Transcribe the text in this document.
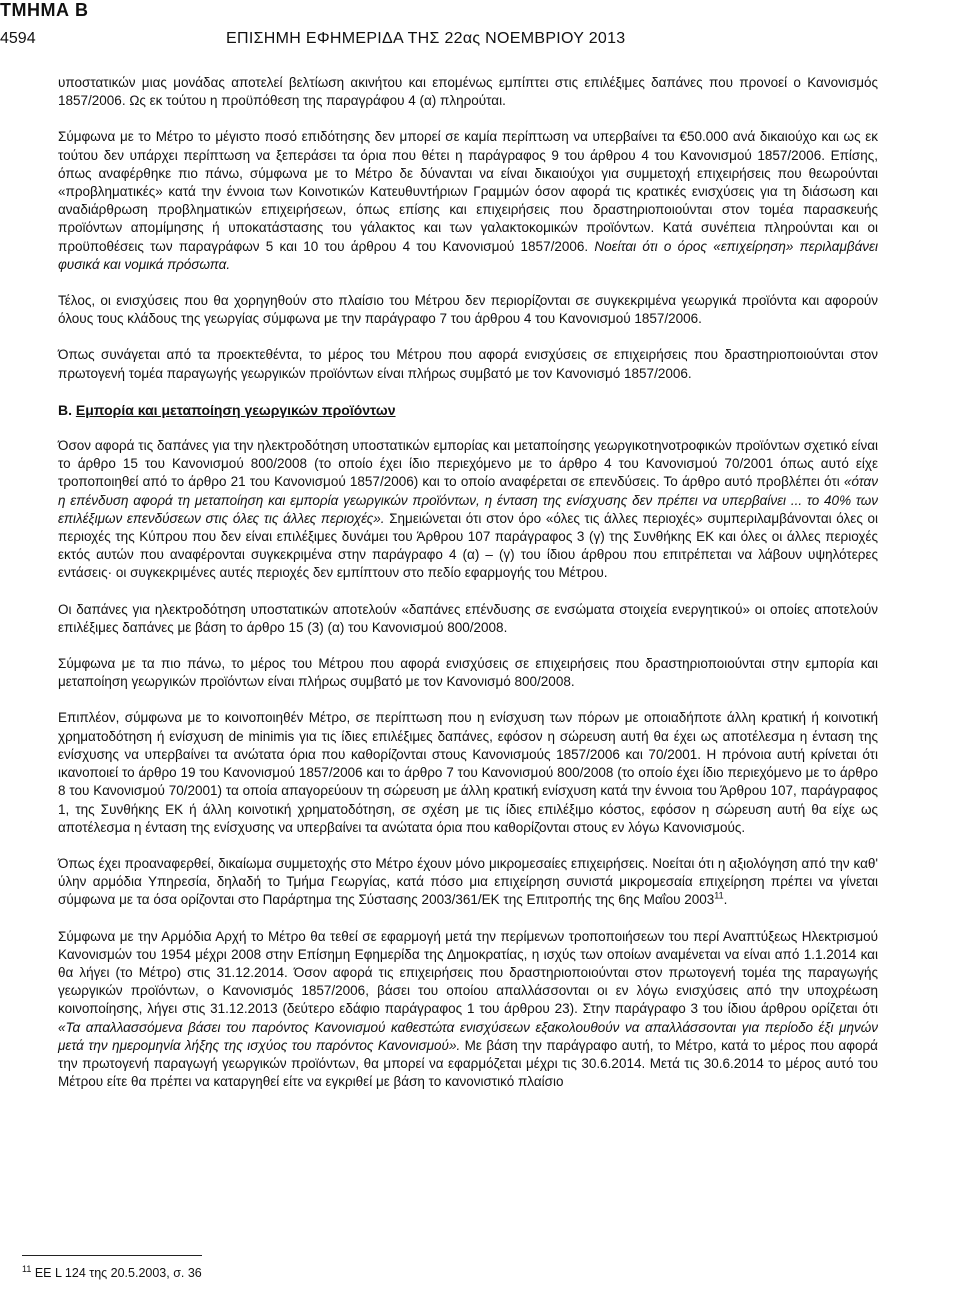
ΤΜΗΜΑ Β
4594	ΕΠΙΣΗΜΗ ΕΦΗΜΕΡΙΔΑ ΤΗΣ 22ας ΝΟΕΜΒΡΙΟΥ 2013

υποστατικών μιας μονάδας αποτελεί βελτίωση ακινήτου και επομένως εμπίπτει στις επιλέξιμες δαπάνες που προνοεί ο Κανονισμός 1857/2006. Ως εκ τούτου η προϋπόθεση της παραγράφου 4 (α) πληρούται.

Σύμφωνα με το Μέτρο το μέγιστο ποσό επιδότησης δεν μπορεί σε καμία περίπτωση να υπερβαίνει τα €50.000 ανά δικαιούχο και ως εκ τούτου δεν υπάρχει περίπτωση να ξεπεράσει τα όρια που θέτει η παράγραφος 9 του άρθρου 4 του Κανονισμού 1857/2006. Επίσης, όπως αναφέρθηκε πιο πάνω, σύμφωνα με το Μέτρο δε δύνανται να είναι δικαιούχοι για συμμετοχή επιχειρήσεις που θεωρούνται «προβληματικές» κατά την έννοια των Κοινοτικών Κατευθυντήριων Γραμμών όσον αφορά τις κρατικές ενισχύσεις για τη διάσωση και αναδιάρθρωση προβληματικών επιχειρήσεων, όπως επίσης και επιχειρήσεις που δραστηριοποιούνται στον τομέα παρασκευής προϊόντων απομίμησης ή υποκατάστασης του γάλακτος και των γαλακτοκομικών προϊόντων. Κατά συνέπεια πληρούνται και οι προϋποθέσεις των παραγράφων 5 και 10 του άρθρου 4 του Κανονισμού 1857/2006. Νοείται ότι ο όρος «επιχείρηση» περιλαμβάνει φυσικά και νομικά πρόσωπα.

Τέλος, οι ενισχύσεις που θα χορηγηθούν στο πλαίσιο του Μέτρου δεν περιορίζονται σε συγκεκριμένα γεωργικά προϊόντα και αφορούν όλους τους κλάδους της γεωργίας σύμφωνα με την παράγραφο 7 του άρθρου 4 του Κανονισμού 1857/2006.

Όπως συνάγεται από τα προεκτεθέντα, το μέρος του Μέτρου που αφορά ενισχύσεις σε επιχειρήσεις που δραστηριοποιούνται στον πρωτογενή τομέα παραγωγής γεωργικών προϊόντων είναι πλήρως συμβατό με τον Κανονισμό 1857/2006.

Β. Εμπορία και μεταποίηση γεωργικών προϊόντων

Όσον αφορά τις δαπάνες για την ηλεκτροδότηση υποστατικών εμπορίας και μεταποίησης γεωργικοτηνοτροφικών προϊόντων σχετικό είναι το άρθρο 15 του Κανονισμού 800/2008 (το οποίο έχει ίδιο περιεχόμενο με το άρθρο 4 του Κανονισμού 70/2001 όπως αυτό είχε τροποποιηθεί από το άρθρο 21 του Κανονισμού 1857/2006) και το οποίο αναφέρεται σε επενδύσεις. Το άρθρο αυτό προβλέπει ότι «όταν η επένδυση αφορά τη μεταποίηση και εμπορία γεωργικών προϊόντων, η ένταση της ενίσχυσης δεν πρέπει να υπερβαίνει ... το 40% των επιλέξιμων επενδύσεων στις όλες τις άλλες περιοχές». Σημειώνεται ότι στον όρο «όλες τις άλλες περιοχές» συμπεριλαμβάνονται όλες οι περιοχές της Κύπρου που δεν είναι επιλέξιμες δυνάμει του Άρθρου 107 παράγραφος 3 (γ) της Συνθήκης ΕΚ και όλες οι άλλες περιοχές εκτός αυτών που αναφέρονται συγκεκριμένα στην παράγραφο 4 (α) – (γ) του ίδιου άρθρου που επιτρέπεται να λάβουν υψηλότερες εντάσεις· οι συγκεκριμένες αυτές περιοχές δεν εμπίπτουν στο πεδίο εφαρμογής του Μέτρου.

Οι δαπάνες για ηλεκτροδότηση υποστατικών αποτελούν «δαπάνες επένδυσης σε ενσώματα στοιχεία ενεργητικού» οι οποίες αποτελούν επιλέξιμες δαπάνες με βάση το άρθρο 15 (3) (α) του Κανονισμού 800/2008.

Σύμφωνα με τα πιο πάνω, το μέρος του Μέτρου που αφορά ενισχύσεις σε επιχειρήσεις που δραστηριοποιούνται στην εμπορία και μεταποίηση γεωργικών προϊόντων είναι πλήρως συμβατό με τον Κανονισμό 800/2008.

Επιπλέον, σύμφωνα με το κοινοποιηθέν Μέτρο, σε περίπτωση που η ενίσχυση των πόρων με οποιαδήποτε άλλη κρατική ή κοινοτική χρηματοδότηση ή ενίσχυση de minimis για τις ίδιες επιλέξιμες δαπάνες, εφόσον η σώρευση αυτή θα έχει ως αποτέλεσμα η ένταση της ενίσχυσης να υπερβαίνει τα ανώτατα όρια που καθορίζονται στους Κανονισμούς 1857/2006 και 70/2001. Η πρόνοια αυτή κρίνεται ότι ικανοποιεί το άρθρο 19 του Κανονισμού 1857/2006 και το άρθρο 7 του Κανονισμού 800/2008 (το οποίο έχει ίδιο περιεχόμενο με το άρθρο 8 του Κανονισμού 70/2001) τα οποία απαγορεύουν τη σώρευση με άλλη κρατική ενίσχυση κατά την έννοια του Άρθρου 107, παράγραφος 1, της Συνθήκης ΕΚ ή άλλη κοινοτική χρηματοδότηση, σε σχέση με τις ίδιες επιλέξιμο κόστος, εφόσον η σώρευση αυτή θα είχε ως αποτέλεσμα η ένταση της ενίσχυσης να υπερβαίνει τα ανώτατα όρια που καθορίζονται στους εν λόγω Κανονισμούς.

Όπως έχει προαναφερθεί, δικαίωμα συμμετοχής στο Μέτρο έχουν μόνο μικρομεσαίες επιχειρήσεις. Νοείται ότι η αξιολόγηση από την καθ' ύλην αρμόδια Υπηρεσία, δηλαδή το Τμήμα Γεωργίας, κατά πόσο μια επιχείρηση συνιστά μικρομεσαία επιχείρηση πρέπει να γίνεται σύμφωνα με τα όσα ορίζονται στο Παράρτημα της Σύστασης 2003/361/ΕΚ της Επιτροπής της 6ης Μαΐου 2003$^{11}$.

Σύμφωνα με την Αρμόδια Αρχή το Μέτρο θα τεθεί σε εφαρμογή μετά την περίμενων τροποποιήσεων του περί Αναπτύξεως Ηλεκτρισμού Κανονισμών του 1954 μέχρι 2008 στην Επίσημη Εφημερίδα της Δημοκρατίας, η ισχύς των οποίων αναμένεται να είναι από 1.1.2014 και θα λήγει (το Μέτρο) στις 31.12.2014. Όσον αφορά τις επιχειρήσεις που δραστηριοποιούνται στον πρωτογενή τομέα της παραγωγής γεωργικών προϊόντων, ο Κανονισμός 1857/2006, βάσει του οποίου απαλλάσσονται οι εν λόγω ενισχύσεις από την υποχρέωση κοινοποίησης, λήγει στις 31.12.2013 (δεύτερο εδάφιο παράγραφος 1 του άρθρου 23). Στην παράγραφο 3 του ίδιου άρθρου ορίζεται ότι «Τα απαλλασσόμενα βάσει του παρόντος Κανονισμού καθεστώτα ενισχύσεων εξακολουθούν να απαλλάσσονται για περίοδο έξι μηνών μετά την ημερομηνία λήξης της ισχύος του παρόντος Κανονισμού». Με βάση την παράγραφο αυτή, το Μέτρο, κατά το μέρος που αφορά την πρωτογενή παραγωγή γεωργικών προϊόντων, θα μπορεί να εφαρμόζεται μέχρι τις 30.6.2014. Μετά τις 30.6.2014 το μέρος αυτό του Μέτρου είτε θα πρέπει να καταργηθεί είτε να εγκριθεί με βάση το κανονιστικό πλαίσιο

$^{11}$ ΕΕ L 124 της 20.5.2003, σ. 36
